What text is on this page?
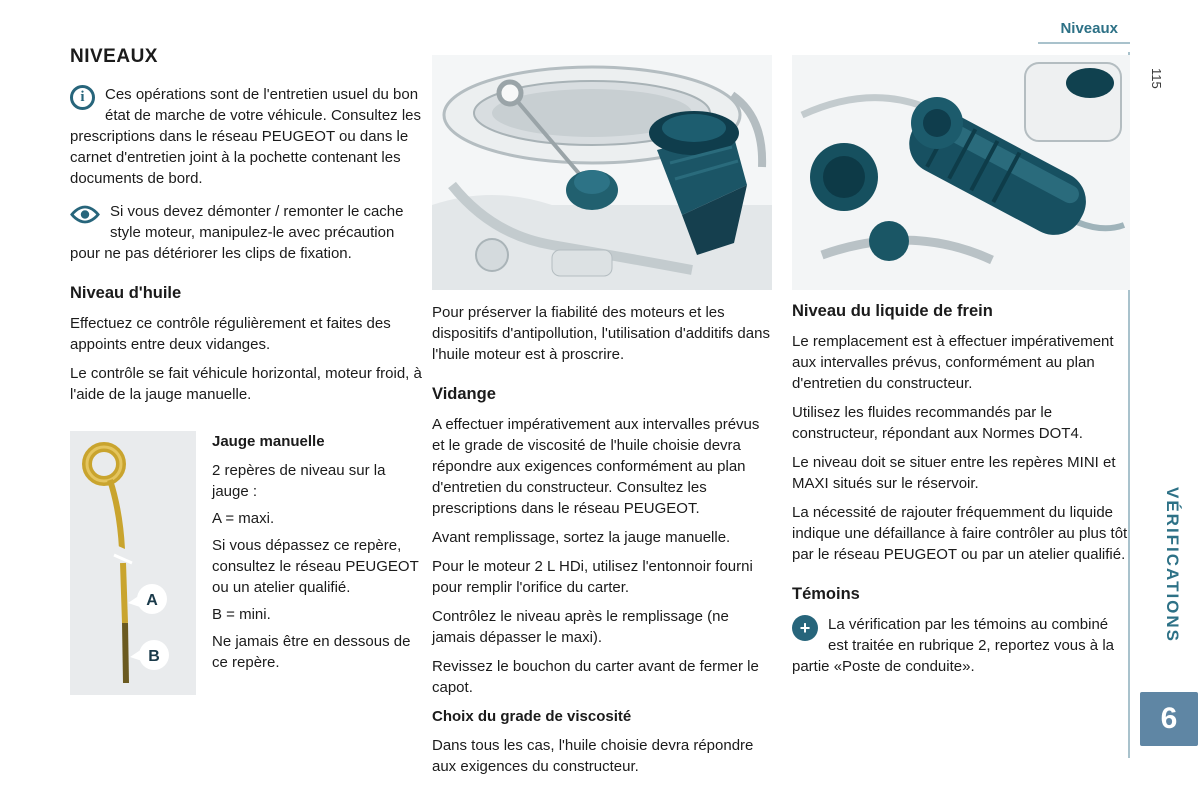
Niveaux
115
VÉRIFICATIONS
6
NIVEAUX
i	Ces opérations sont de l'entretien usuel du bon état de marche de votre véhicule. Consultez les prescriptions dans le réseau PEUGEOT ou dans le carnet d'entretien joint à la pochette contenant les documents de bord.

Si vous devez démonter / remonter le cache style moteur, manipulez-le avec précaution pour ne pas détériorer les clips de fixation.

Niveau d'huile

Effectuez ce contrôle régulièrement et faites des appoints entre deux vidanges.

Le contrôle se fait véhicule horizontal, moteur froid, à l'aide de la jauge manuelle.

A
B
Jauge manuelle

2 repères de niveau sur la jauge :

A = maxi.

Si vous dépassez ce repère, consultez le réseau PEUGEOT ou un atelier qualifié.

B = mini.

Ne jamais être en dessous de ce repère.

Pour préserver la fiabilité des moteurs et les dispositifs d'antipollution, l'utilisation d'additifs dans l'huile moteur est à proscrire.

Vidange

A effectuer impérativement aux intervalles prévus et le grade de viscosité de l'huile choisie devra répondre aux exigences conformément au plan d'entretien du constructeur. Consultez les prescriptions dans le réseau PEUGEOT.

Avant remplissage, sortez la jauge manuelle.

Pour le moteur 2 L HDi, utilisez l'entonnoir fourni pour remplir l'orifice du carter.

Contrôlez le niveau après le remplissage (ne jamais dépasser le maxi).

Revissez le bouchon du carter avant de fermer le capot.

Choix du grade de viscosité

Dans tous les cas, l'huile choisie devra répondre aux exigences du constructeur.

Niveau du liquide de frein

Le remplacement est à effectuer impérativement aux intervalles prévus, conformément au plan d'entretien du constructeur.

Utilisez les fluides recommandés par le constructeur, répondant aux Normes DOT4.

Le niveau doit se situer entre les repères MINI et MAXI situés sur le réservoir.

La nécessité de rajouter fréquemment du liquide indique une défaillance à faire contrôler au plus tôt par le réseau PEUGEOT ou par un atelier qualifié.

Témoins
+	La vérification par les témoins au combiné est traitée en rubrique 2, reportez vous à la partie «Poste de conduite».
